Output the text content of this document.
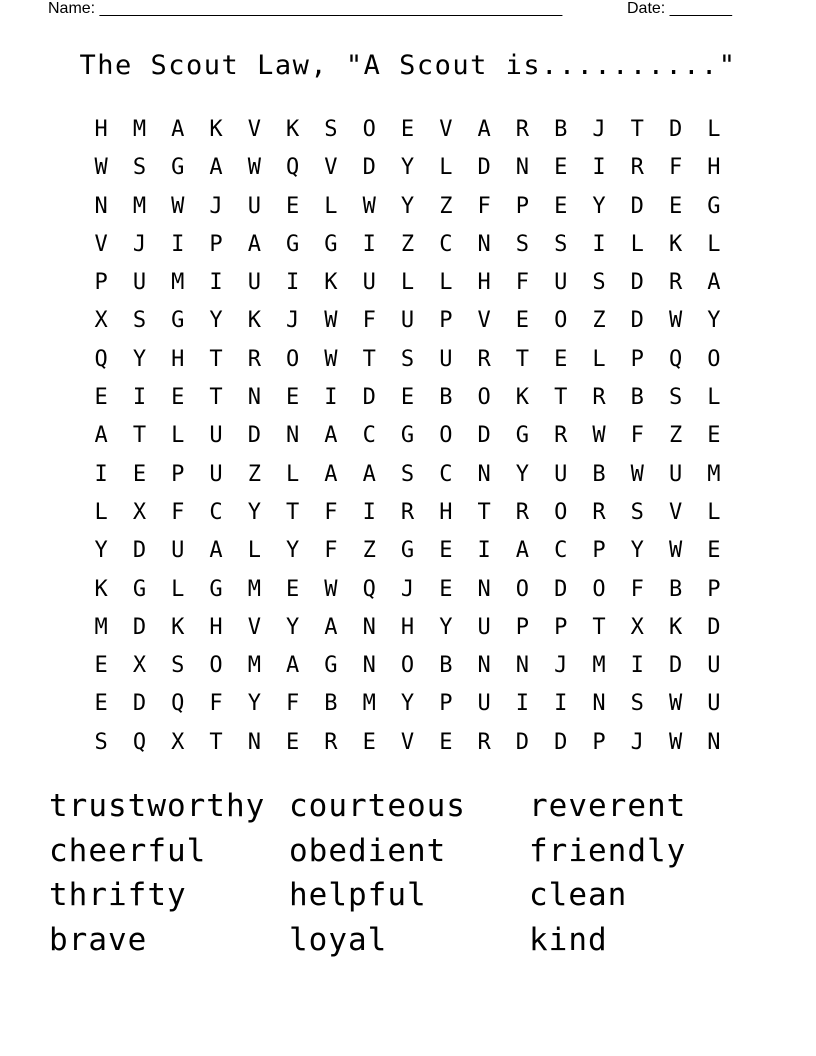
Name: ____________________________________________________	Date: _______
The Scout Law, "A Scout is.........."
H	M	A	K	V	K	S	O	E	V	A	R	B	J	T	D	L
W	S	G	A	W	Q	V	D	Y	L	D	N	E	I	R	F	H
N	M	W	J	U	E	L	W	Y	Z	F	P	E	Y	D	E	G
V	J	I	P	A	G	G	I	Z	C	N	S	S	I	L	K	L
P	U	M	I	U	I	K	U	L	L	H	F	U	S	D	R	A
X	S	G	Y	K	J	W	F	U	P	V	E	O	Z	D	W	Y
Q	Y	H	T	R	O	W	T	S	U	R	T	E	L	P	Q	O
E	I	E	T	N	E	I	D	E	B	O	K	T	R	B	S	L
A	T	L	U	D	N	A	C	G	O	D	G	R	W	F	Z	E
I	E	P	U	Z	L	A	A	S	C	N	Y	U	B	W	U	M
L	X	F	C	Y	T	F	I	R	H	T	R	O	R	S	V	L
Y	D	U	A	L	Y	F	Z	G	E	I	A	C	P	Y	W	E
K	G	L	G	M	E	W	Q	J	E	N	O	D	O	F	B	P
M	D	K	H	V	Y	A	N	H	Y	U	P	P	T	X	K	D
E	X	S	O	M	A	G	N	O	B	N	N	J	M	I	D	U
E	D	Q	F	Y	F	B	M	Y	P	U	I	I	N	S	W	U
S	Q	X	T	N	E	R	E	V	E	R	D	D	P	J	W	N
trustworthy courteous	reverent
cheerful	obedient	friendly
thrifty	helpful	clean
brave	loyal	kind
